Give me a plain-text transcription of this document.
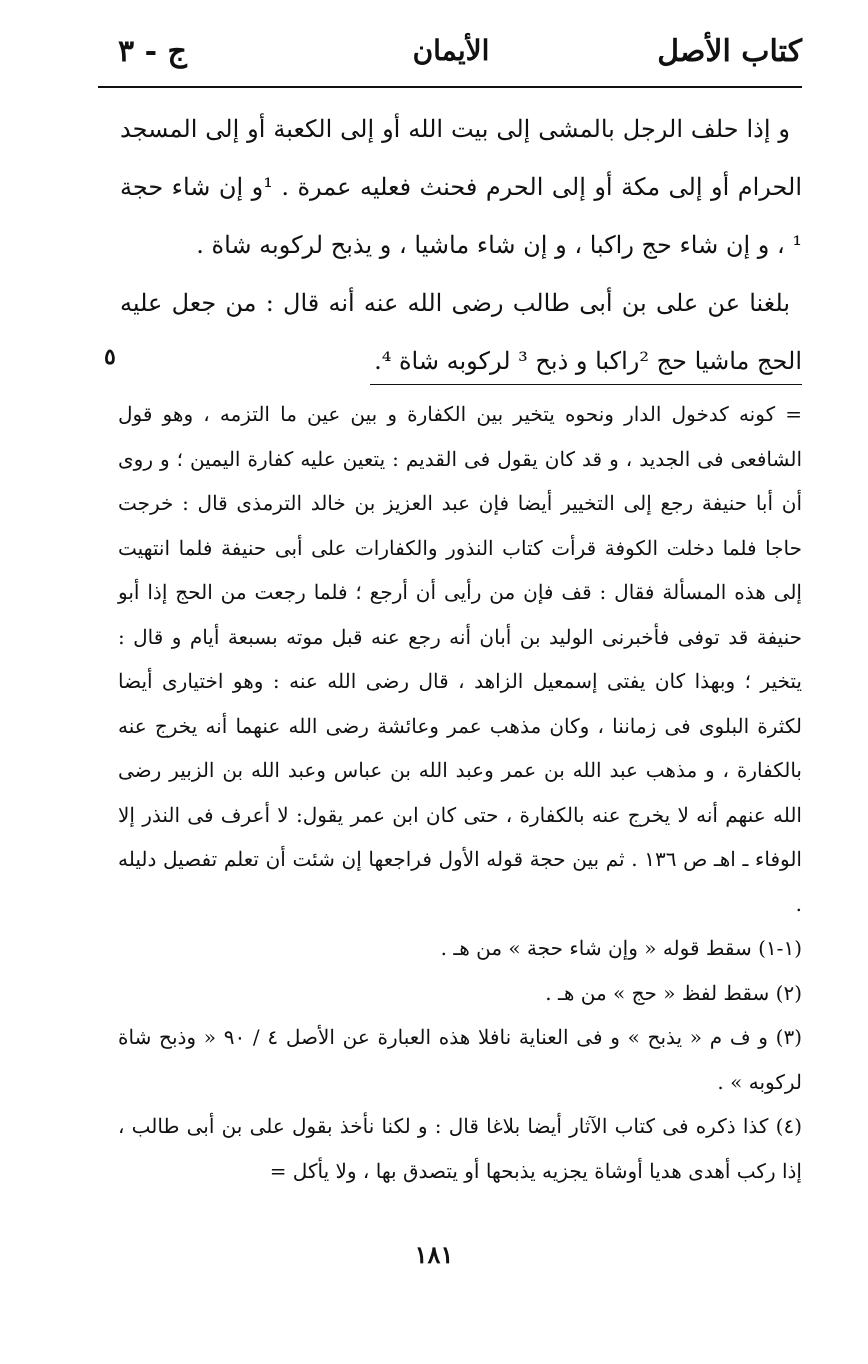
كتاب الأصل
الأيمان
ج - ٣

و إذا حلف الرجل بالمشى إلى بيت الله أو إلى الكعبة أو إلى المسجد الحرام أو إلى مكة أو إلى الحرم فحنث فعليه عمرة . ¹و إن شاء حجة ¹ ، و إن شاء حج راكبا ، و إن شاء ماشيا ، و يذبح لركوبه شاة .

بلغنا عن على بن أبى طالب رضى الله عنه أنه قال : من جعل عليه الحج ماشيا حج ²راكبا و ذبح ³ لركوبه شاة ⁴.

٥

= كونه كدخول الدار ونحوه يتخير بين الكفارة و بين عين ما التزمه ، وهو قول الشافعى فى الجديد ، و قد كان يقول فى القديم : يتعين عليه كفارة اليمين ؛ و روى أن أبا حنيفة رجع إلى التخيير أيضا فإن عبد العزيز بن خالد الترمذى قال : خرجت حاجا فلما دخلت الكوفة قرأت كتاب النذور والكفارات على أبى حنيفة فلما انتهيت إلى هذه المسألة فقال : قف فإن من رأيى أن أرجع ؛ فلما رجعت من الحج إذا أبو حنيفة قد توفى فأخبرنى الوليد بن أبان أنه رجع عنه قبل موته بسبعة أيام و قال : يتخير ؛ وبهذا كان يفتى إسمعيل الزاهد ، قال رضى الله عنه : وهو اختيارى أيضا لكثرة البلوى فى زماننا ، وكان مذهب عمر وعائشة رضى الله عنهما أنه يخرج عنه بالكفارة ، و مذهب عبد الله بن عمر وعبد الله بن عباس وعبد الله بن الزبير رضى الله عنهم أنه لا يخرج عنه بالكفارة ، حتى كان ابن عمر يقول: لا أعرف فى النذر إلا الوفاء ـ اهـ ص ١٣٦ . ثم بين حجة قوله الأول فراجعها إن شئت أن تعلم تفصيل دليله .

(١-١) سقط قوله « وإن شاء حجة » من هـ .

(٢) سقط لفظ « حج » من هـ .

(٣) و ف م « يذبح » و فى العناية نافلا هذه العبارة عن الأصل ٤ / ٩٠ « وذبح شاة لركوبه » .

(٤) كذا ذكره فى كتاب الآثار أيضا بلاغا قال : و لكنا نأخذ بقول على بن أبى طالب ، إذا ركب أهدى هديا أوشاة يجزيه يذبحها أو يتصدق بها ، ولا يأكل =

١٨١
